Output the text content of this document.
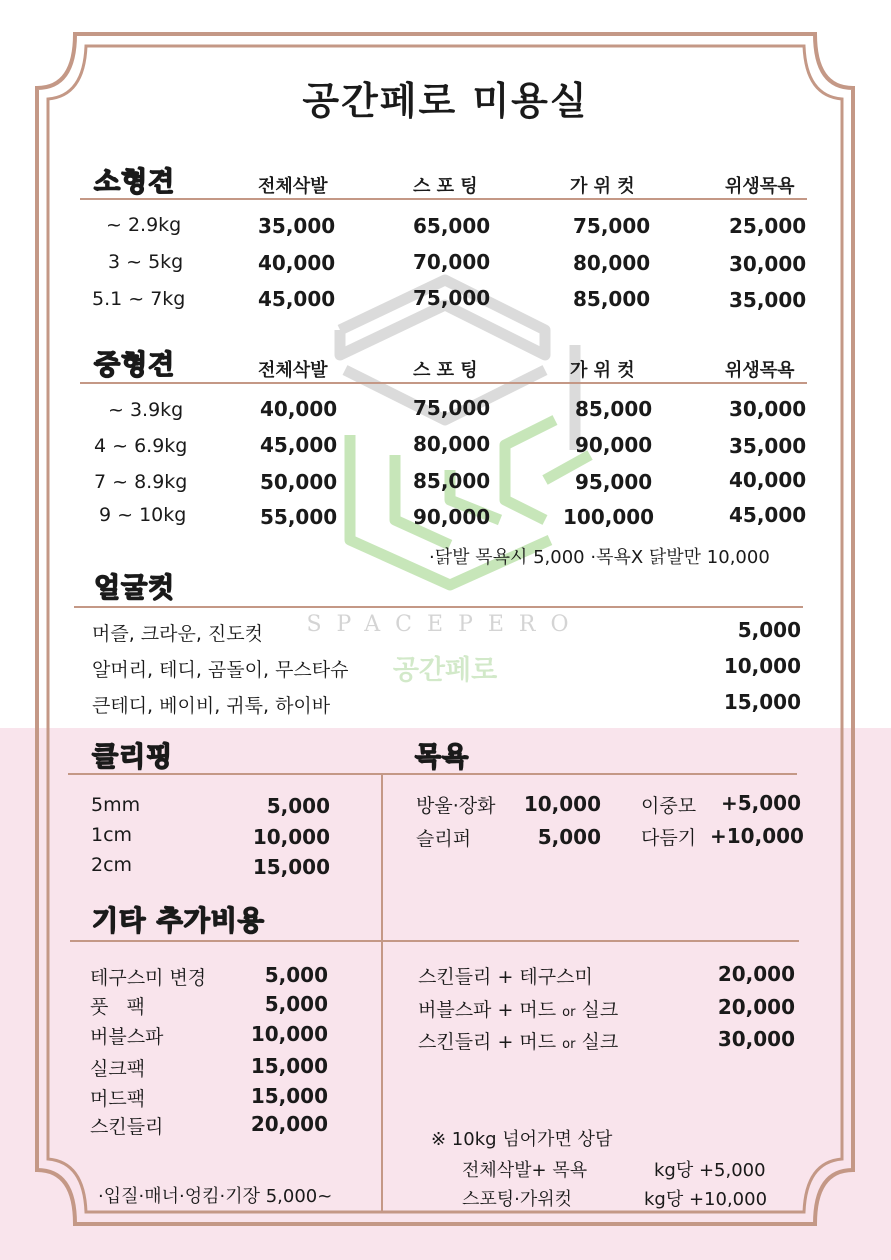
SPACEPERO
공간페로
공간페로 미용실
소형견	전체삭발	스 포 팅	가 위 컷	위생목욕
~ 2.9kg	35,000	65,000	75,000	25,000
3 ~ 5kg	40,000	70,000	80,000	30,000
5.1 ~ 7kg	45,000	75,000	85,000	35,000
중형견	전체삭발	스 포 팅	가 위 컷	위생목욕
~ 3.9kg	40,000	75,000	85,000	30,000
4 ~ 6.9kg	45,000	80,000	90,000	35,000
7 ~ 8.9kg	50,000	85,000	95,000	40,000
9 ~ 10kg	55,000	90,000	100,000	45,000
·닭발 목욕시 5,000 ·목욕X 닭발만 10,000
얼굴컷
머즐, 크라운, 진도컷	5,000
알머리, 테디, 곰돌이, 무스타슈	10,000
큰테디, 베이비, 귀툭, 하이바	15,000
클리핑	목욕
5mm	5,000
1cm	10,000
2cm	15,000
방울·장화	10,000 이중모	+5,000
슬리퍼	5,000 다듬기 +10,000
기타 추가비용
테구스미 변경	5,000
풋   팩	5,000
버블스파	10,000
실크팩	15,000
머드팩	15,000
스킨들리	20,000
·입질·매너·엉킴·기장 5,000~
스킨들리 + 테구스미	20,000
버블스파 + 머드 or 실크	20,000
스킨들리 + 머드 or 실크	30,000
※ 10kg 넘어가면 상담
전체삭발+ 목욕	kg당 +5,000
스포팅·가위컷	kg당 +10,000
